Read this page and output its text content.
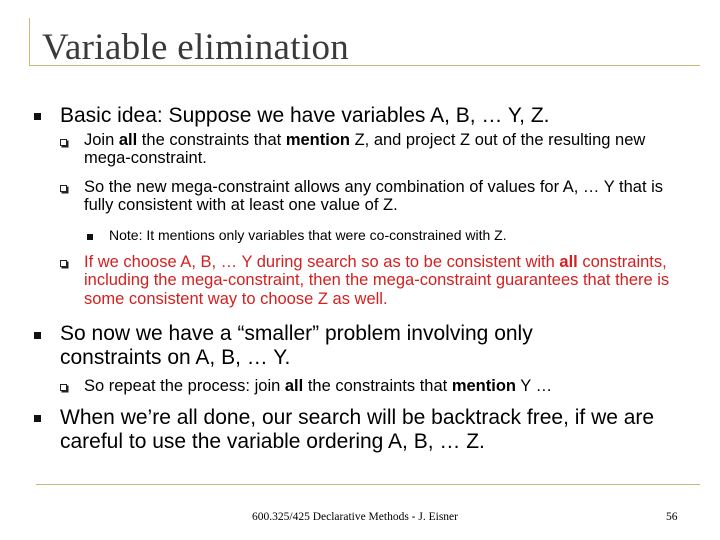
Variable elimination
Basic idea: Suppose we have variables A, B, … Y, Z.
Join all the constraints that mention Z, and project Z out of the resulting new mega-constraint.
So the new mega-constraint allows any combination of values for A, … Y that is fully consistent with at least one value of Z.
Note: It mentions only variables that were co-constrained with Z.
If we choose A, B, … Y during search so as to be consistent with all constraints, including the mega-constraint, then the mega-constraint guarantees that there is some consistent way to choose Z as well.
So now we have a “smaller” problem involving only constraints on A, B, … Y.
So repeat the process: join all the constraints that mention Y …
When we’re all done, our search will be backtrack free, if we are careful to use the variable ordering A, B, … Z.
600.325/425 Declarative Methods - J. Eisner	56
